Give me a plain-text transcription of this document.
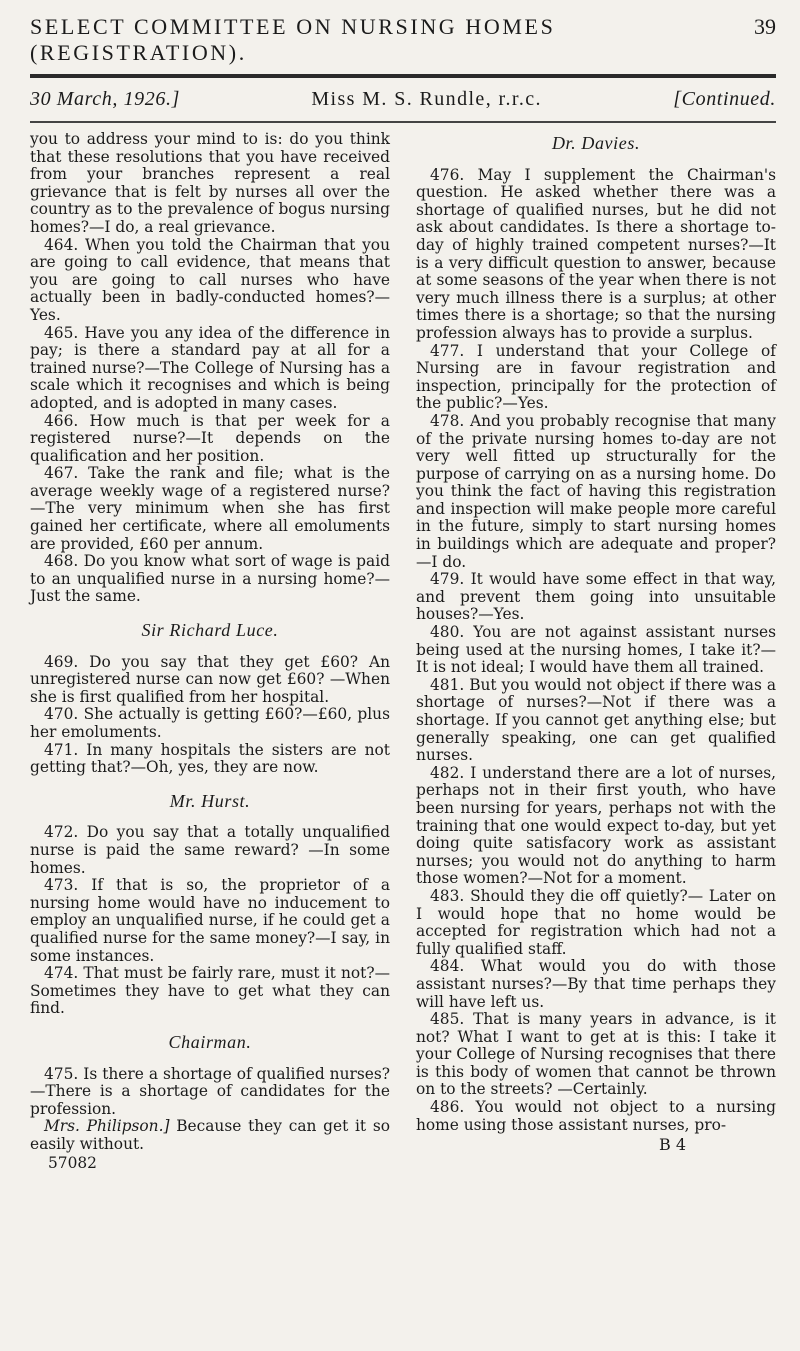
SELECT COMMITTEE ON NURSING HOMES (REGISTRATION).
39
30 March, 1926.]	Miss M. S. Rundle, r.r.c.	[Continued.

you to address your mind to is: do you think that these resolutions that you have received from your branches represent a real grievance that is felt by nurses all over the country as to the prevalence of bogus nursing homes?—I do, a real grievance.

464. When you told the Chairman that you are going to call evidence, that means that you are going to call nurses who have actually been in badly-conducted homes?—Yes.

465. Have you any idea of the difference in pay; is there a standard pay at all for a trained nurse?—The College of Nursing has a scale which it recognises and which is being adopted, and is adopted in many cases.

466. How much is that per week for a registered nurse?—It depends on the qualification and her position.

467. Take the rank and file; what is the average weekly wage of a registered nurse?—The very minimum when she has first gained her certificate, where all emoluments are provided, £60 per annum.

468. Do you know what sort of wage is paid to an unqualified nurse in a nursing home?—Just the same.

Sir Richard Luce.

469. Do you say that they get £60? An unregistered nurse can now get £60? —When she is first qualified from her hospital.

470. She actually is getting £60?—£60, plus her emoluments.

471. In many hospitals the sisters are not getting that?—Oh, yes, they are now.

Mr. Hurst.

472. Do you say that a totally unqualified nurse is paid the same reward? —In some homes.

473. If that is so, the proprietor of a nursing home would have no inducement to employ an unqualified nurse, if he could get a qualified nurse for the same money?—I say, in some instances.

474. That must be fairly rare, must it not?—Sometimes they have to get what they can find.

Chairman.

475. Is there a shortage of qualified nurses?—There is a shortage of candidates for the profession.

Mrs. Philipson.] Because they can get it so easily without.

57082

Dr. Davies.

476. May I supplement the Chairman's question. He asked whether there was a shortage of qualified nurses, but he did not ask about candidates. Is there a shortage to-day of highly trained competent nurses?—It is a very difficult question to answer, because at some seasons of the year when there is not very much illness there is a surplus; at other times there is a shortage; so that the nursing profession always has to provide a surplus.

477. I understand that your College of Nursing are in favour registration and inspection, principally for the protection of the public?—Yes.

478. And you probably recognise that many of the private nursing homes to-day are not very well fitted up structurally for the purpose of carrying on as a nursing home. Do you think the fact of having this registration and inspection will make people more careful in the future, simply to start nursing homes in buildings which are adequate and proper? —I do.

479. It would have some effect in that way, and prevent them going into unsuitable houses?—Yes.

480. You are not against assistant nurses being used at the nursing homes, I take it?—It is not ideal; I would have them all trained.

481. But you would not object if there was a shortage of nurses?—Not if there was a shortage. If you cannot get anything else; but generally speaking, one can get qualified nurses.

482. I understand there are a lot of nurses, perhaps not in their first youth, who have been nursing for years, perhaps not with the training that one would expect to-day, but yet doing quite satisfacory work as assistant nurses; you would not do anything to harm those women?—Not for a moment.

483. Should they die off quietly?— Later on I would hope that no home would be accepted for registration which had not a fully qualified staff.

484. What would you do with those assistant nurses?—By that time perhaps they will have left us.

485. That is many years in advance, is it not? What I want to get at is this: I take it your College of Nursing recognises that there is this body of women that cannot be thrown on to the streets? —Certainly.

486. You would not object to a nursing home using those assistant nurses, pro-

B 4
